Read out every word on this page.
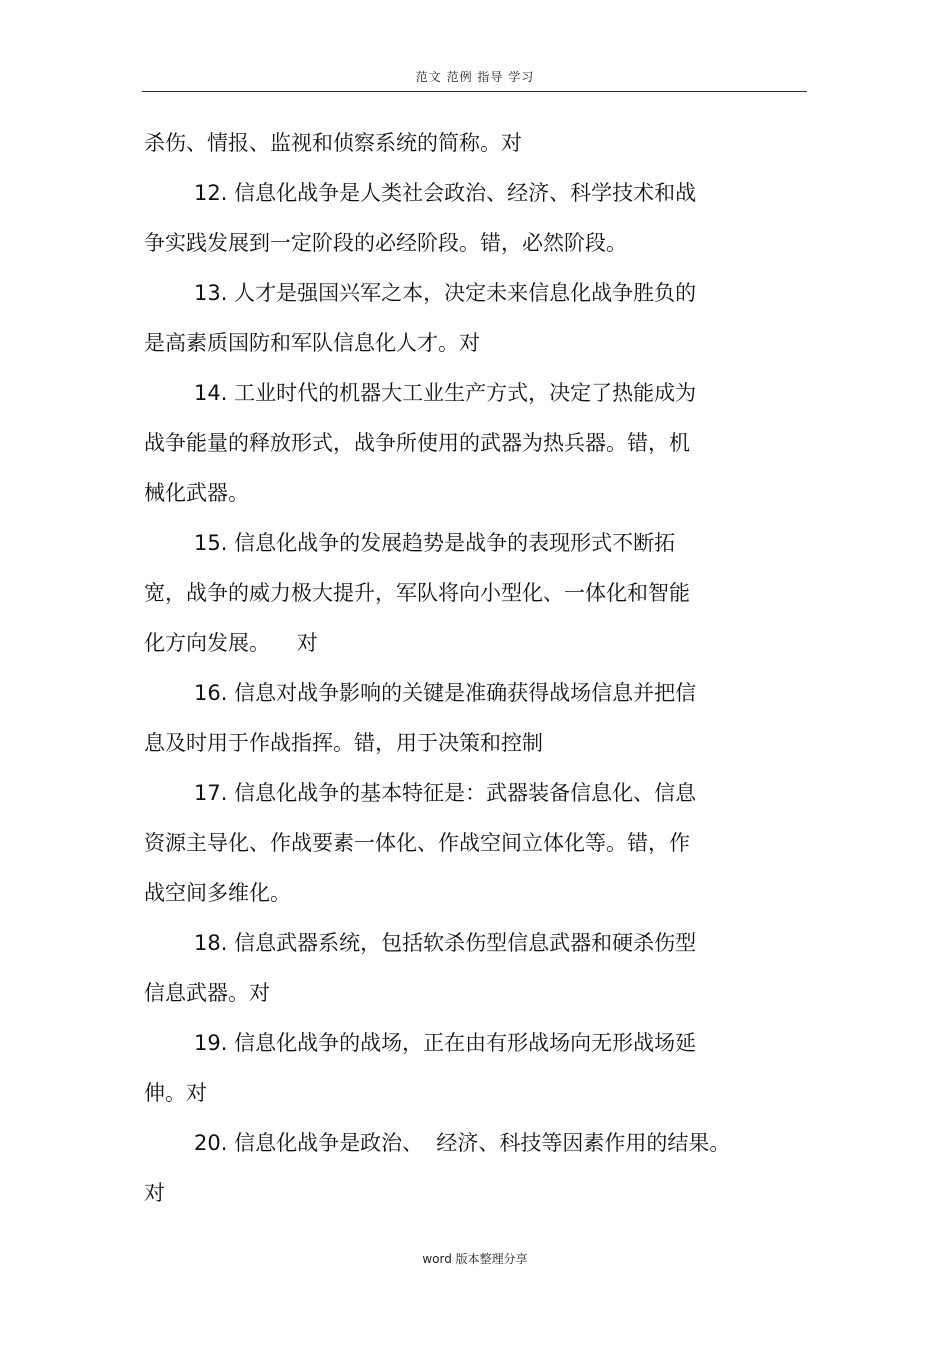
范文 范例 指导 学习
杀伤、情报、监视和侦察系统的简称。对
12. 信息化战争是人类社会政治、经济、科学技术和战
争实践发展到一定阶段的必经阶段。错，必然阶段。
13. 人才是强国兴军之本，决定未来信息化战争胜负的
是高素质国防和军队信息化人才。对
14. 工业时代的机器大工业生产方式，决定了热能成为
战争能量的释放形式，战争所使用的武器为热兵器。错，机
械化武器。
15. 信息化战争的发展趋势是战争的表现形式不断拓
宽，战争的威力极大提升，军队将向小型化、一体化和智能
化方向发展。    对
16. 信息对战争影响的关键是准确获得战场信息并把信
息及时用于作战指挥。错，用于决策和控制
17. 信息化战争的基本特征是：武器装备信息化、信息
资源主导化、作战要素一体化、作战空间立体化等。错，作
战空间多维化。
18. 信息武器系统，包括软杀伤型信息武器和硬杀伤型
信息武器。对
19. 信息化战争的战场，正在由有形战场向无形战场延
伸。对
20. 信息化战争是政治、  经济、科技等因素作用的结果。
对
word 版本整理分享
